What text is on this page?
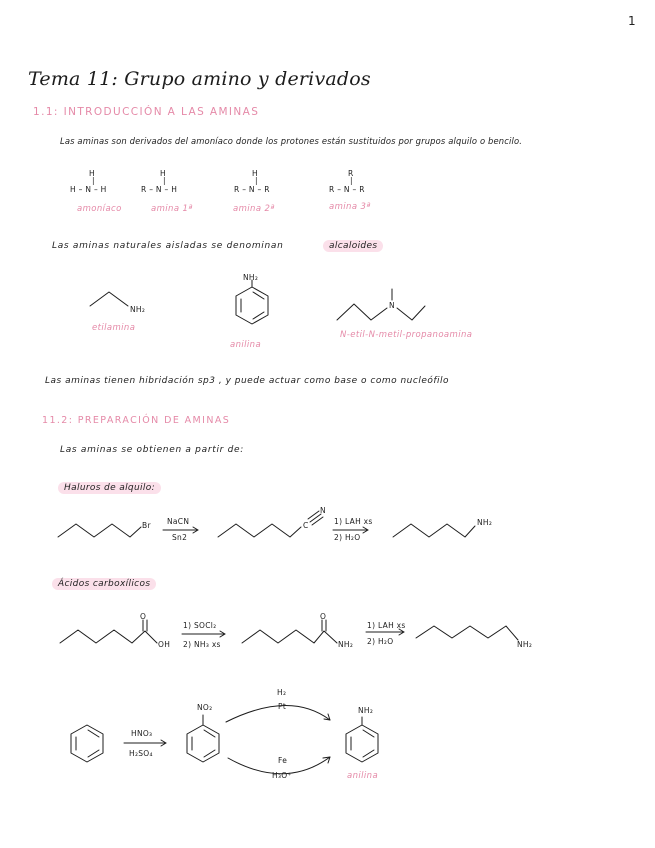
1
Tema 11: Grupo amino y derivados
1.1: INTRODUCCIÓN A LAS AMINAS
Las aminas son derivados del amoníaco donde los protones están sustituidos por grupos alquilo o bencilo.
H
|
H – N – H
amoníaco
H
|
R – N – H
amina 1ª
H
|
R – N – R
amina 2ª
R
|
R – N – R
amina 3ª
Las aminas naturales aisladas se denominan	alcaloides
NH₂
etilamina
NH₂
anilina
N
N-etil-N-metil-propanoamina
Las aminas tienen hibridación sp3 , y puede actuar como base o como nucleófilo
11.2: PREPARACIÓN DE AMINAS
Las aminas se obtienen a partir de:
Haluros de alquilo:
Br NaCN
Sn2
C
N
1) LAH xs
2) H₂O
NH₂
Ácidos carboxílicos
O
OH
1) SOCl₂
2) NH₃ xs
O
NH₂
1) LAH xs
2) H₂O	NH₂
HNO₃
H₂SO₄
NO₂
H₂
Pt
Fe
H₃O⁺
NH₂
anilina
